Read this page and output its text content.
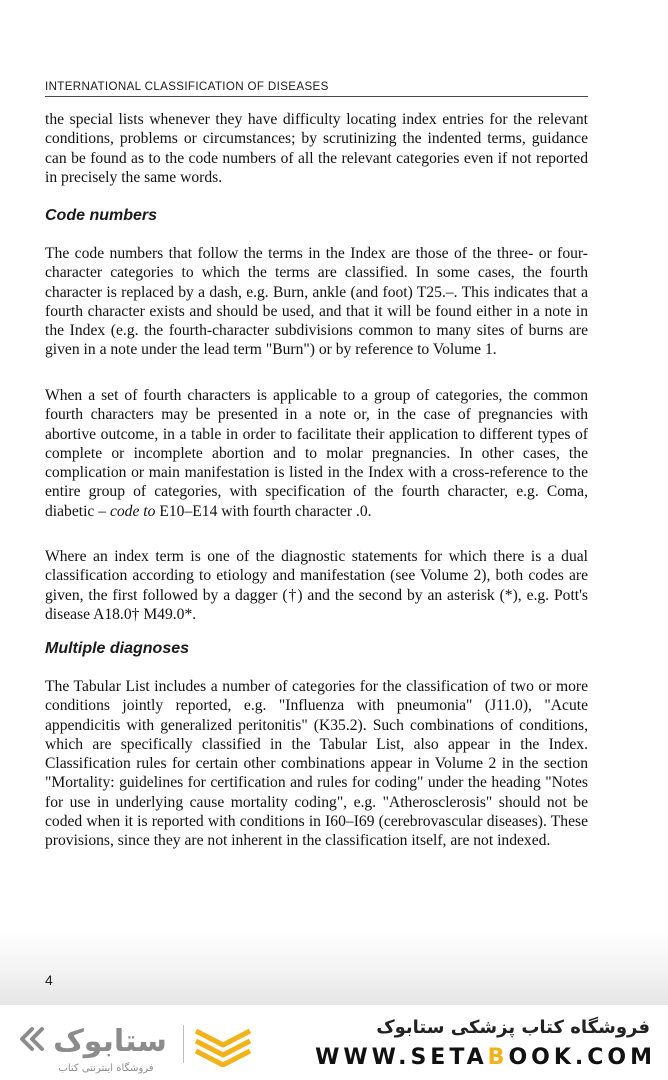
INTERNATIONAL CLASSIFICATION OF DISEASES

the special lists whenever they have difficulty locating index entries for the relevant conditions, problems or circumstances; by scrutinizing the indented terms, guidance can be found as to the code numbers of all the relevant categories even if not reported in precisely the same words.

Code numbers

The code numbers that follow the terms in the Index are those of the three- or four-character categories to which the terms are classified. In some cases, the fourth character is replaced by a dash, e.g. Burn, ankle (and foot) T25.–. This indicates that a fourth character exists and should be used, and that it will be found either in a note in the Index (e.g. the fourth-character subdivisions common to many sites of burns are given in a note under the lead term "Burn") or by reference to Volume 1.

When a set of fourth characters is applicable to a group of categories, the common fourth characters may be presented in a note or, in the case of pregnancies with abortive outcome, in a table in order to facilitate their application to different types of complete or incomplete abortion and to molar pregnancies. In other cases, the complication or main manifestation is listed in the Index with a cross-reference to the entire group of categories, with specification of the fourth character, e.g. Coma, diabetic – code to E10–E14 with fourth character .0.

Where an index term is one of the diagnostic statements for which there is a dual classification according to etiology and manifestation (see Volume 2), both codes are given, the first followed by a dagger (†) and the second by an asterisk (*), e.g. Pott's disease A18.0† M49.0*.

Multiple diagnoses

The Tabular List includes a number of categories for the classification of two or more conditions jointly reported, e.g. "Influenza with pneumonia" (J11.0), "Acute appendicitis with generalized peritonitis" (K35.2). Such combinations of conditions, which are specifically classified in the Tabular List, also appear in the Index. Classification rules for certain other combinations appear in Volume 2 in the section "Mortality: guidelines for certification and rules for coding" under the heading "Notes for use in underlying cause mortality coding", e.g. "Atherosclerosis" should not be coded when it is reported with conditions in I60–I69 (cerebrovascular diseases). These provisions, since they are not inherent in the classification itself, are not indexed.

4
ستابوک
فروشگاه اینترنتی کتاب
فروشگاه کتاب پزشکی ستابوک
WWW.SETABOOK.COM
